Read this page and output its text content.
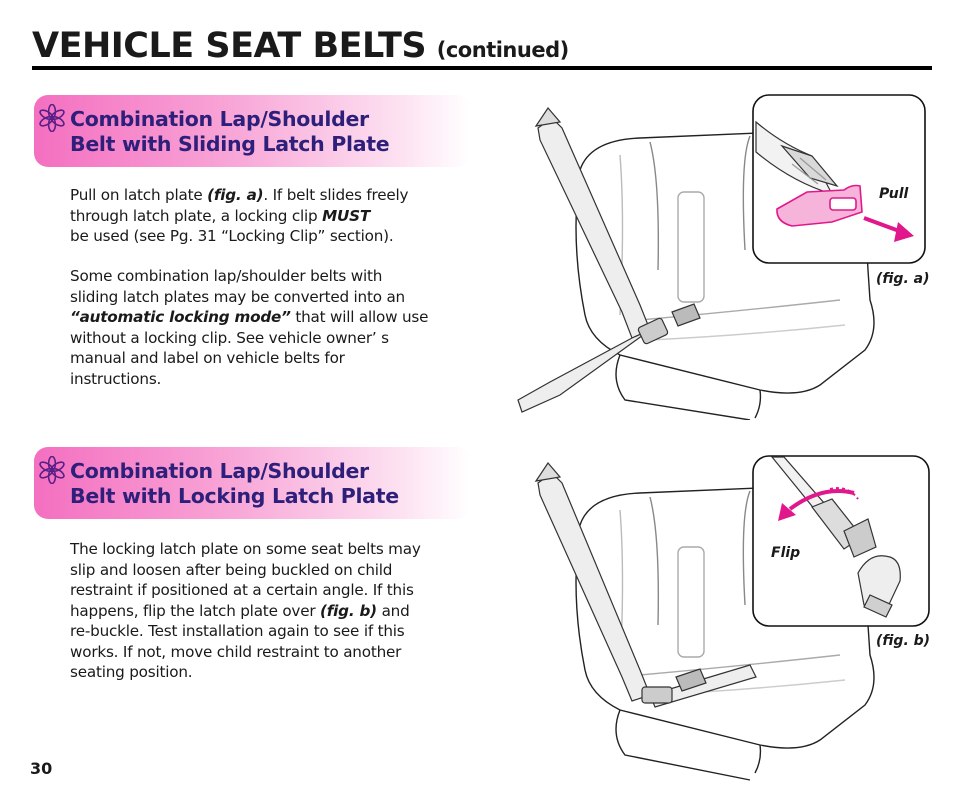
VEHICLE SEAT BELTS (continued)
Combination Lap/Shoulder
Belt with Sliding Latch Plate

Pull on latch plate (fig. a). If belt slides freely
through latch plate, a locking clip MUST
be used (see Pg. 31 “Locking Clip” section).

Some combination lap/shoulder belts with
sliding latch plates may be converted into an
“automatic locking mode” that will allow use
without a locking clip. See vehicle owner’ s
manual and label on vehicle belts for
instructions.

Combination Lap/Shoulder
Belt with Locking Latch Plate

The locking latch plate on some seat belts may
slip and loosen after being buckled on child
restraint if positioned at a certain angle. If this
happens, flip the latch plate over (fig. b) and
re-buckle. Test installation again to see if this
works. If not, move child restraint to another
seating position.

30
Pull
(fig. a)
Flip
(fig. b)
